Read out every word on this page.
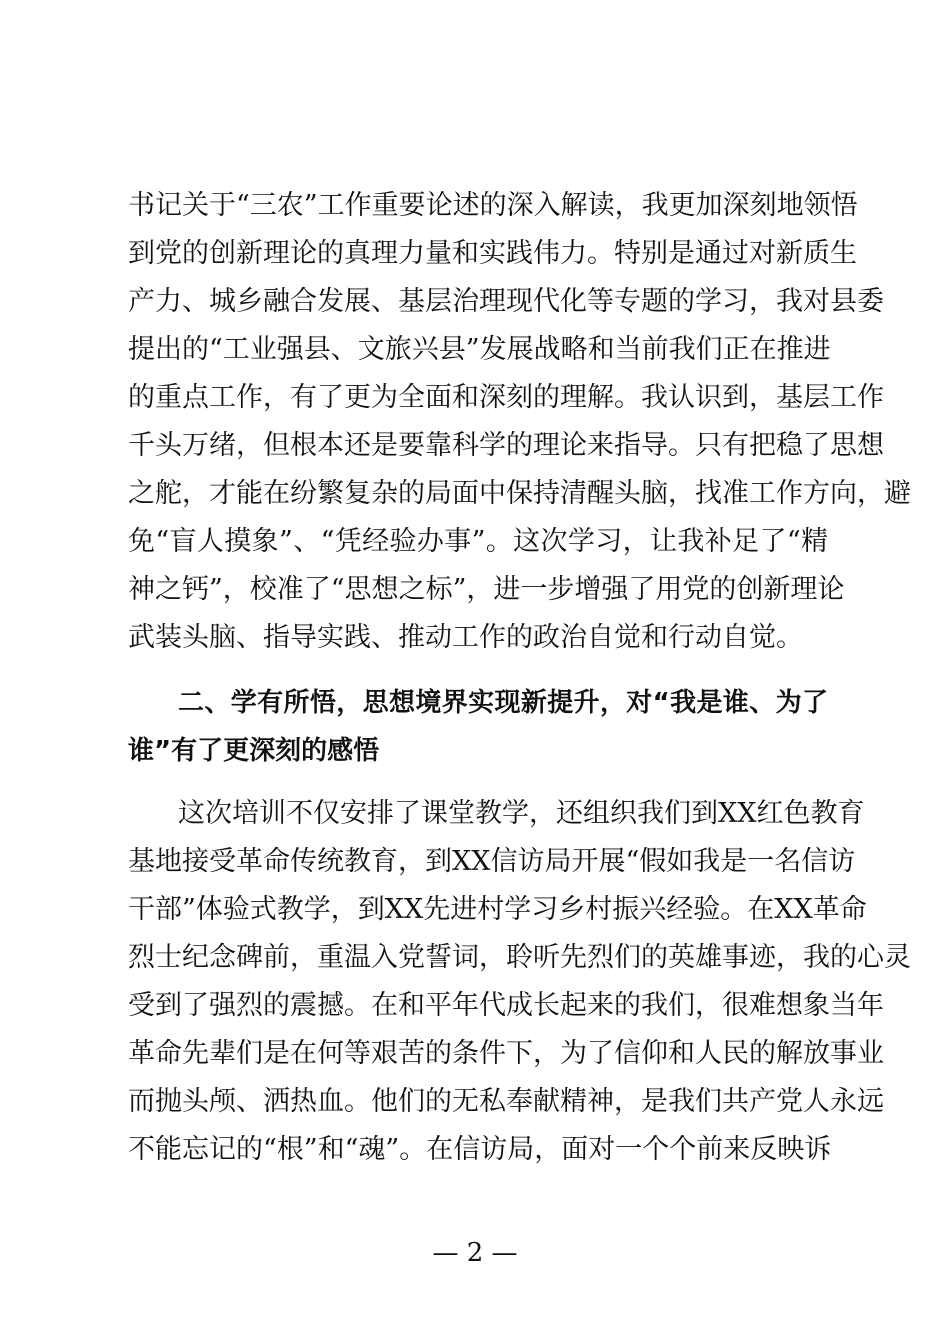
书记关于“三农”工作重要论述的深入解读，我更加深刻地领悟
到党的创新理论的真理力量和实践伟力。特别是通过对新质生
产力、城乡融合发展、基层治理现代化等专题的学习，我对县委
提出的“工业强县、文旅兴县”发展战略和当前我们正在推进
的重点工作，有了更为全面和深刻的理解。我认识到，基层工作
千头万绪，但根本还是要靠科学的理论来指导。只有把稳了思想
之舵，才能在纷繁复杂的局面中保持清醒头脑，找准工作方向，避
免“盲人摸象”、“凭经验办事”。这次学习，让我补足了“精
神之钙”，校准了“思想之标”，进一步增强了用党的创新理论
武装头脑、指导实践、推动工作的政治自觉和行动自觉。
二、学有所悟，思想境界实现新提升，对“我是谁、为了
谁”有了更深刻的感悟
这次培训不仅安排了课堂教学，还组织我们到XX红色教育
基地接受革命传统教育，到XX信访局开展“假如我是一名信访
干部”体验式教学，到XX先进村学习乡村振兴经验。在XX革命
烈士纪念碑前，重温入党誓词，聆听先烈们的英雄事迹，我的心灵
受到了强烈的震撼。在和平年代成长起来的我们，很难想象当年
革命先辈们是在何等艰苦的条件下，为了信仰和人民的解放事业
而抛头颅、洒热血。他们的无私奉献精神，是我们共产党人永远
不能忘记的“根”和“魂”。在信访局，面对一个个前来反映诉
— 2 —
